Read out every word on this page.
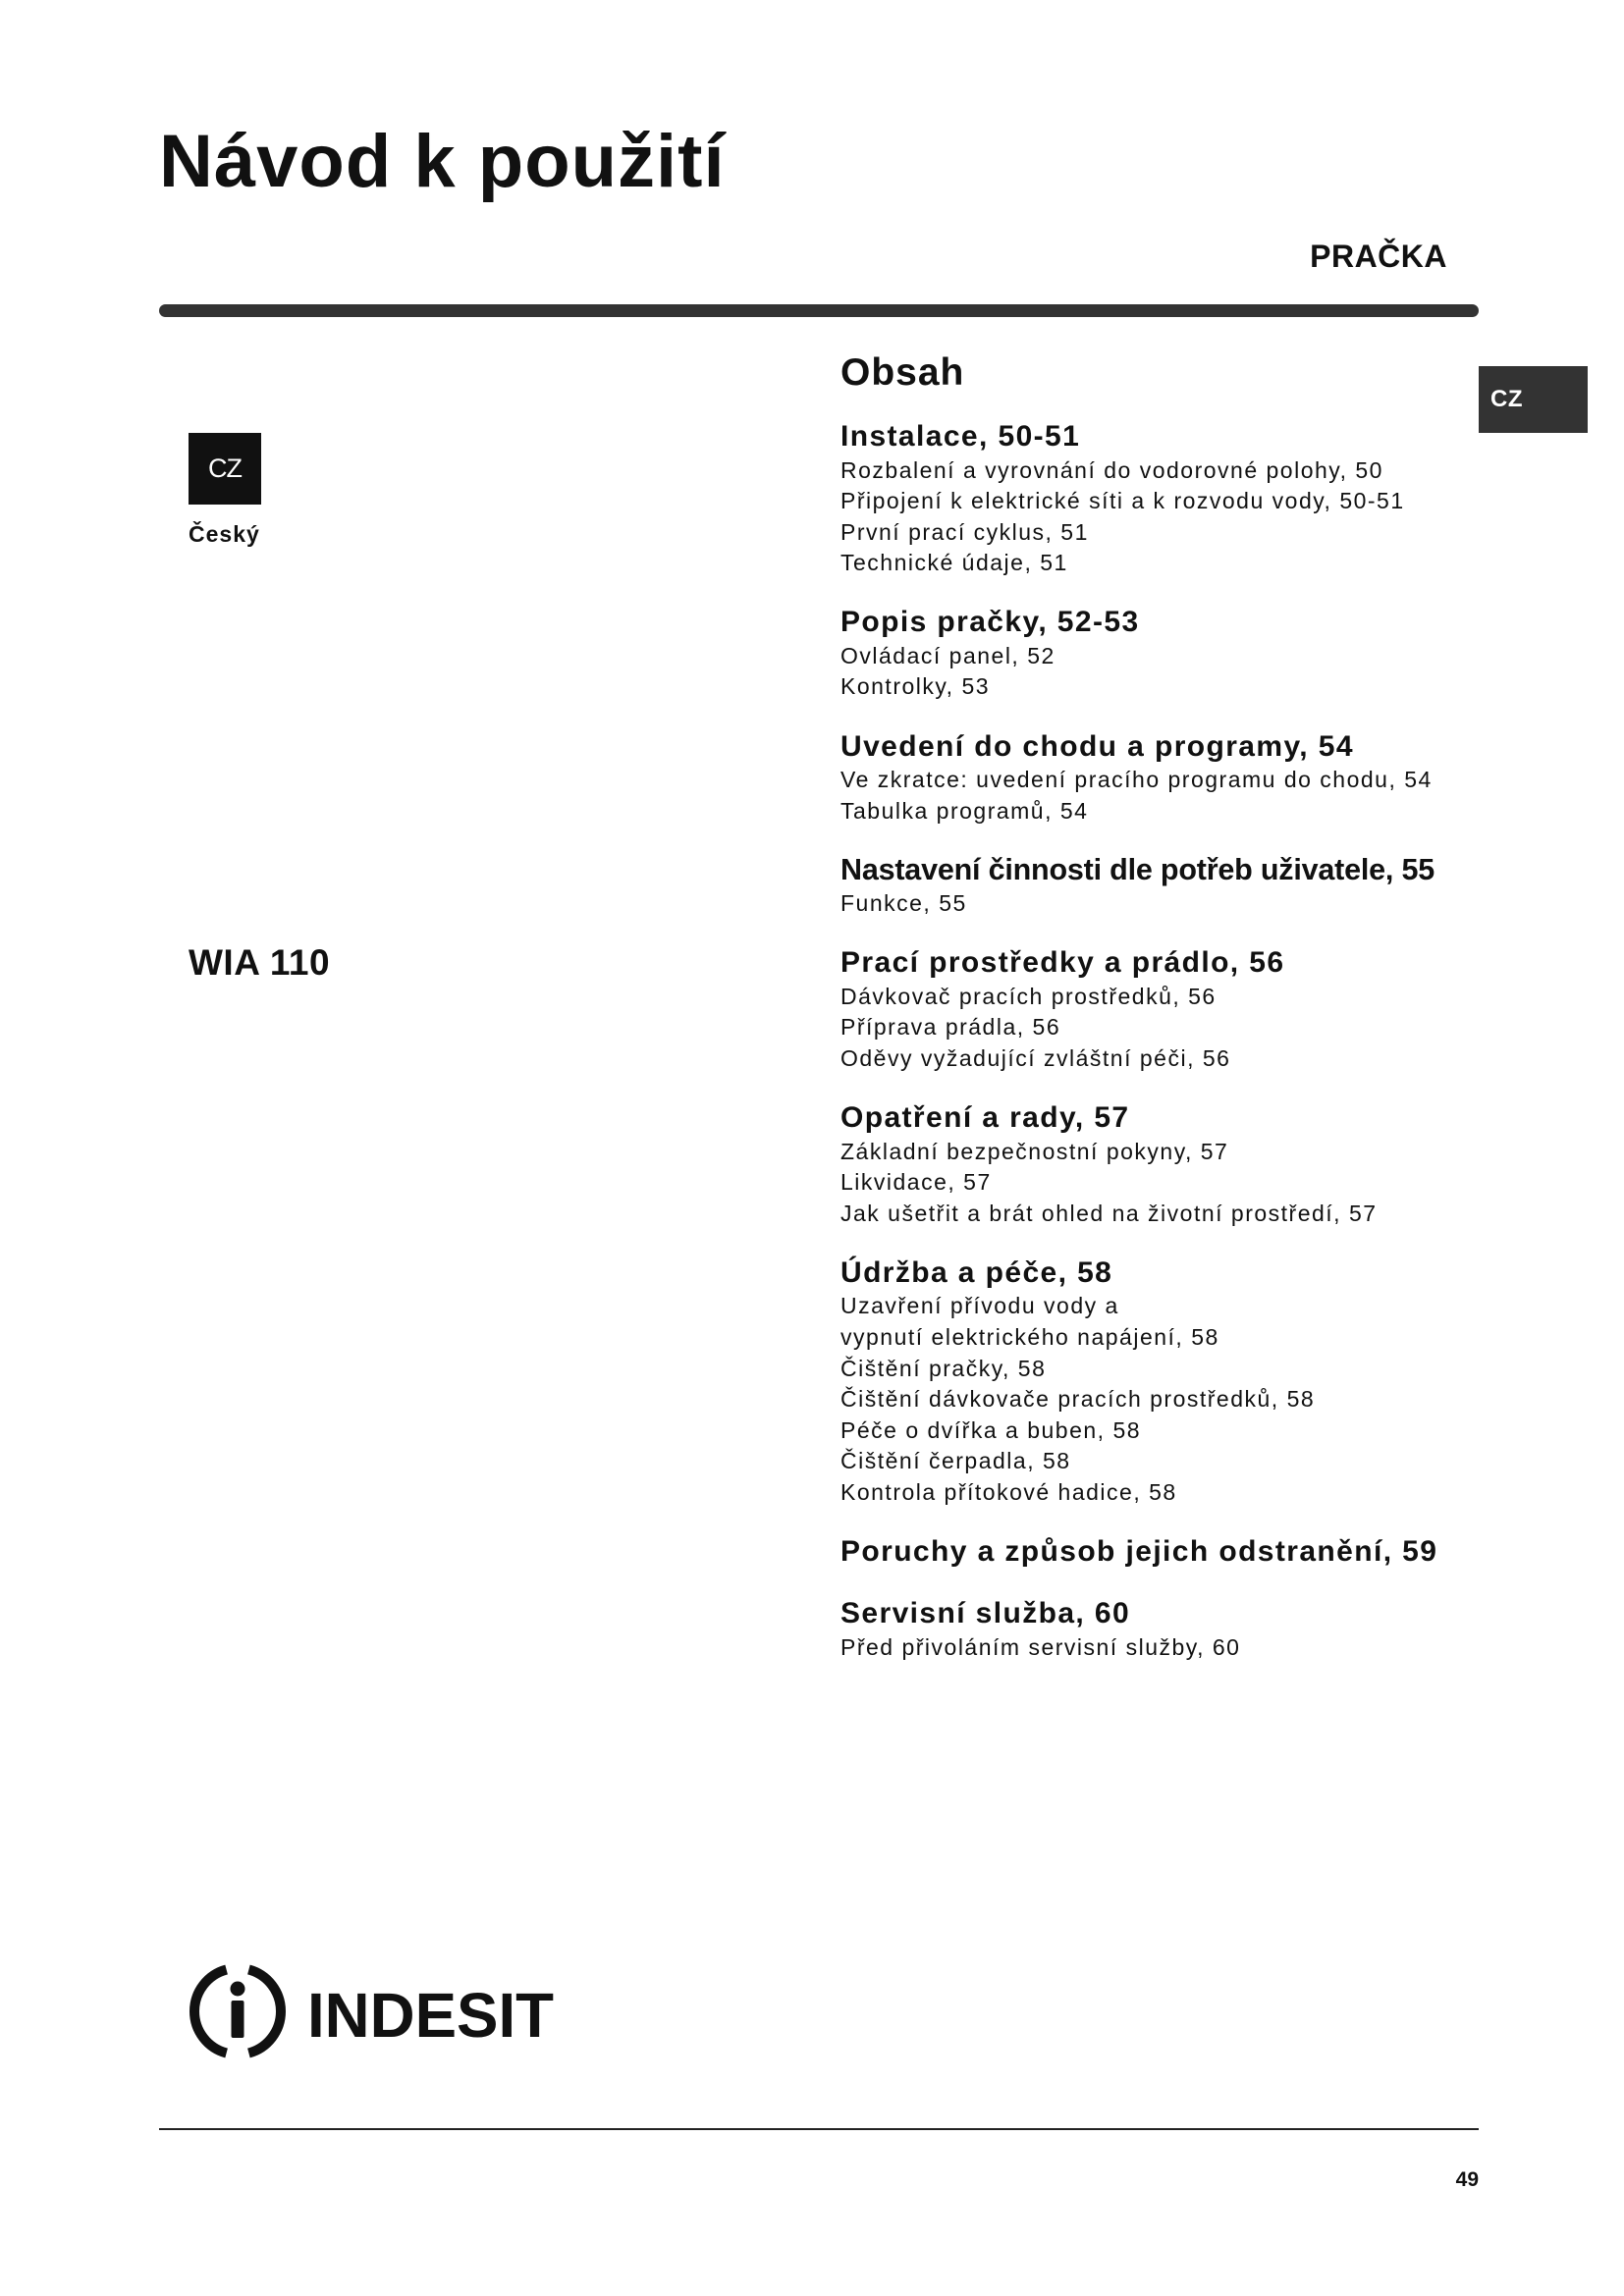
Návod k použití
PRAČKA
CZ
CZ
Český
WIA 110
Obsah
Instalace, 50-51
Rozbalení a vyrovnání do vodorovné polohy, 50
Připojení k elektrické síti a k rozvodu vody, 50-51
První prací cyklus, 51
Technické údaje, 51
Popis pračky, 52-53
Ovládací panel, 52
Kontrolky, 53
Uvedení do chodu a programy, 54
Ve zkratce: uvedení pracího programu do chodu, 54
Tabulka programů, 54
Nastavení činnosti dle potřeb uživatele, 55
Funkce, 55
Prací prostředky a prádlo, 56
Dávkovač pracích prostředků, 56
Příprava prádla, 56
Oděvy vyžadující zvláštní péči, 56
Opatření a rady, 57
Základní bezpečnostní pokyny, 57
Likvidace, 57
Jak ušetřit a brát ohled na životní prostředí, 57
Údržba a péče, 58
Uzavření přívodu vody a
vypnutí elektrického napájení, 58
Čištění pračky, 58
Čištění dávkovače pracích prostředků, 58
Péče o dvířka a buben, 58
Čištění čerpadla, 58
Kontrola přítokové hadice, 58
Poruchy a způsob jejich odstranění, 59
Servisní služba, 60
Před přivoláním servisní služby, 60
INDESIT
49
